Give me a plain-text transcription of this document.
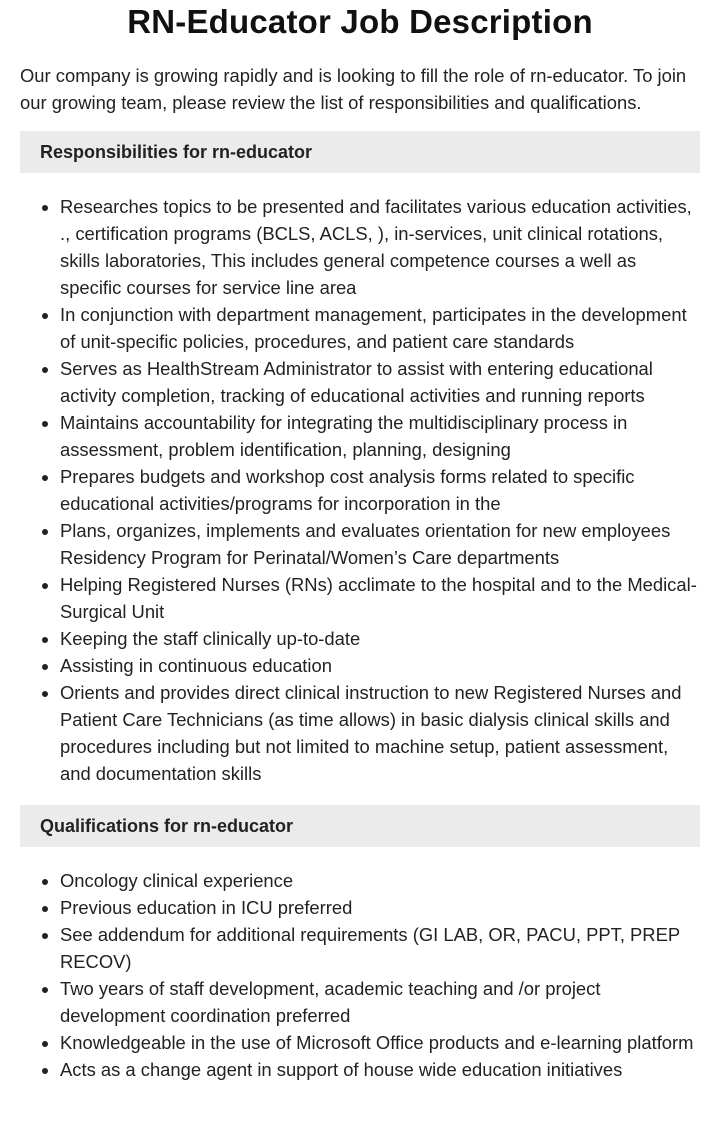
RN-Educator Job Description

Our company is growing rapidly and is looking to fill the role of rn-educator. To join our growing team, please review the list of responsibilities and qualifications.

Responsibilities for rn-educator
• Researches topics to be presented and facilitates various education activities, ., certification programs (BCLS, ACLS, ), in-services, unit clinical rotations, skills laboratories, This includes general competence courses a well as specific courses for service line area
• In conjunction with department management, participates in the development of unit-specific policies, procedures, and patient care standards
• Serves as HealthStream Administrator to assist with entering educational activity completion, tracking of educational activities and running reports
• Maintains accountability for integrating the multidisciplinary process in assessment, problem identification, planning, designing
• Prepares budgets and workshop cost analysis forms related to specific educational activities/programs for incorporation in the
• Plans, organizes, implements and evaluates orientation for new employees Residency Program for Perinatal/Women’s Care departments
• Helping Registered Nurses (RNs) acclimate to the hospital and to the Medical-Surgical Unit
• Keeping the staff clinically up-to-date
• Assisting in continuous education
• Orients and provides direct clinical instruction to new Registered Nurses and Patient Care Technicians (as time allows) in basic dialysis clinical skills and procedures including but not limited to machine setup, patient assessment, and documentation skills
Qualifications for rn-educator
• Oncology clinical experience
• Previous education in ICU preferred
• See addendum for additional requirements (GI LAB, OR, PACU, PPT, PREP RECOV)
• Two years of staff development, academic teaching and /or project development coordination preferred
• Knowledgeable in the use of Microsoft Office products and e-learning platform
• Acts as a change agent in support of house wide education initiatives
